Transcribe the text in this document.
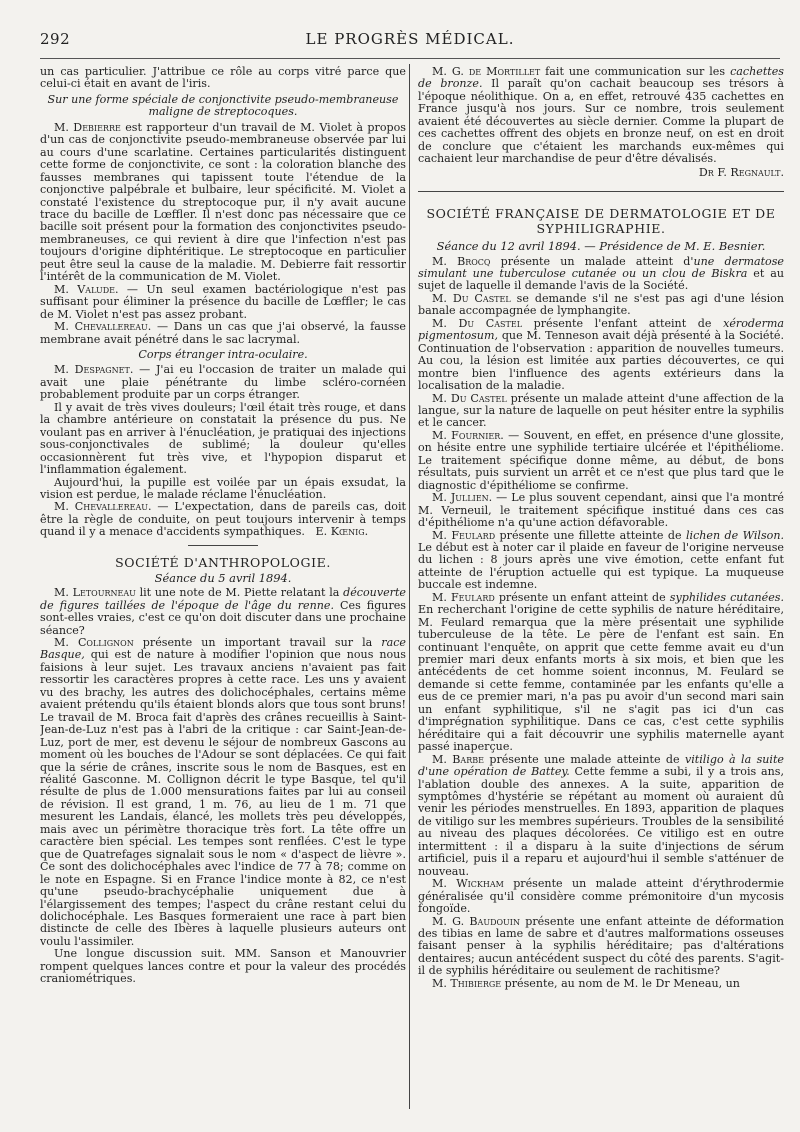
292	LE PROGRÈS MÉDICAL.

un cas particulier. J'attribue ce rôle au corps vitré parce que celui-ci était en avant de l'iris.

Sur une forme spéciale de conjonctivite pseudo-membraneuse maligne de streptocoques.

M. Debierre est rapporteur d'un travail de M. Violet à propos d'un cas de conjonctivite pseudo-membraneuse observée par lui au cours d'une scarlatine. Certaines particularités distinguent cette forme de conjonctivite, ce sont : la coloration blanche des fausses membranes qui tapissent toute l'étendue de la conjonctive palpébrale et bulbaire, leur spécificité. M. Violet a constaté l'existence du streptocoque pur, il n'y avait aucune trace du bacille de Lœffler. Il n'est donc pas nécessaire que ce bacille soit présent pour la formation des conjonctivites pseudo-membraneuses, ce qui revient à dire que l'infection n'est pas toujours d'origine diphtéritique. Le streptocoque en particulier peut être seul la cause de la maladie. M. Debierre fait ressortir l'intérêt de la communication de M. Violet.

M. Valude. — Un seul examen bactériologique n'est pas suffisant pour éliminer la présence du bacille de Lœffler; le cas de M. Violet n'est pas assez probant.

M. Chevallereau. — Dans un cas que j'ai observé, la fausse membrane avait pénétré dans le sac lacrymal.

Corps étranger intra-oculaire.

M. Despagnet. — J'ai eu l'occasion de traiter un malade qui avait une plaie pénétrante du limbe scléro-cornéen probablement produite par un corps étranger.

Il y avait de très vives douleurs; l'œil était très rouge, et dans la chambre antérieure on constatait la présence du pus. Ne voulant pas en arriver à l'énucléation, je pratiquai des injections sous-conjonctivales de sublimé; la douleur qu'elles occasionnèrent fut très vive, et l'hypopion disparut et l'inflammation également.

Aujourd'hui, la pupille est voilée par un épais exsudat, la vision est perdue, le malade réclame l'énucléation.

M. Chevallereau. — L'expectation, dans de pareils cas, doit être la règle de conduite, on peut toujours intervenir à temps quand il y a menace d'accidents sympathiques. E. Kœnig.

SOCIÉTÉ D'ANTHROPOLOGIE.

Séance du 5 avril 1894.

M. Letourneau lit une note de M. Piette relatant la découverte de figures taillées de l'époque de l'âge du renne. Ces figures sont-elles vraies, c'est ce qu'on doit discuter dans une prochaine séance?

M. Collignon présente un important travail sur la race Basque, qui est de nature à modifier l'opinion que nous nous faisions à leur sujet. Les travaux anciens n'avaient pas fait ressortir les caractères propres à cette race. Les uns y avaient vu des brachy, les autres des dolichocéphales, certains même avaient prétendu qu'ils étaient blonds alors que tous sont bruns! Le travail de M. Broca fait d'après des crânes recueillis à Saint-Jean-de-Luz n'est pas à l'abri de la critique : car Saint-Jean-de-Luz, port de mer, est devenu le séjour de nombreux Gascons au moment où les bouches de l'Adour se sont déplacées. Ce qui fait que la série de crânes, inscrite sous le nom de Basques, est en réalité Gasconne. M. Collignon décrit le type Basque, tel qu'il résulte de plus de 1.000 mensurations faites par lui au conseil de révision. Il est grand, 1 m. 76, au lieu de 1 m. 71 que mesurent les Landais, élancé, les mollets très peu développés, mais avec un périmètre thoracique très fort. La tête offre un caractère bien spécial. Les tempes sont renflées. C'est le type que de Quatrefages signalait sous le nom « d'aspect de lièvre ». Ce sont des dolichocéphales avec l'indice de 77 à 78; comme on le note en Espagne. Si en France l'indice monte à 82, ce n'est qu'une pseudo-brachycéphalie uniquement due à l'élargissement des tempes; l'aspect du crâne restant celui du dolichocéphale. Les Basques formeraient une race à part bien distincte de celle des Ibères à laquelle plusieurs auteurs ont voulu l'assimiler.

Une longue discussion suit. MM. Sanson et Manouvrier rompent quelques lances contre et pour la valeur des procédés craniométriques.

M. G. de Mortillet fait une communication sur les cachettes de bronze. Il paraît qu'on cachait beaucoup ses trésors à l'époque néolithique. On a, en effet, retrouvé 435 cachettes en France jusqu'à nos jours. Sur ce nombre, trois seulement avaient été découvertes au siècle dernier. Comme la plupart de ces cachettes offrent des objets en bronze neuf, on est en droit de conclure que c'étaient les marchands eux-mêmes qui cachaient leur marchandise de peur d'être dévalisés.

Dr F. Regnault.

SOCIÉTÉ FRANÇAISE DE DERMATOLOGIE ET DE SYPHILIGRAPHIE.

Séance du 12 avril 1894. — Présidence de M. E. Besnier.

M. Brocq présente un malade atteint d'une dermatose simulant une tuberculose cutanée ou un clou de Biskra et au sujet de laquelle il demande l'avis de la Société.

M. Du Castel se demande s'il ne s'est pas agi d'une lésion banale accompagnée de lymphangite.

M. Du Castel présente l'enfant atteint de xéroderma pigmentosum, que M. Tenneson avait déjà présenté à la Société. Continuation de l'observation : apparition de nouvelles tumeurs. Au cou, la lésion est limitée aux parties découvertes, ce qui montre bien l'influence des agents extérieurs dans la localisation de la maladie.

M. Du Castel présente un malade atteint d'une affection de la langue, sur la nature de laquelle on peut hésiter entre la syphilis et le cancer.

M. Fournier. — Souvent, en effet, en présence d'une glossite, on hésite entre une syphilide tertiaire ulcérée et l'épithéliome. Le traitement spécifique donne même, au début, de bons résultats, puis survient un arrêt et ce n'est que plus tard que le diagnostic d'épithéliome se confirme.

M. Jullien. — Le plus souvent cependant, ainsi que l'a montré M. Verneuil, le traitement spécifique institué dans ces cas d'épithéliome n'a qu'une action défavorable.

M. Feulard présente une fillette atteinte de lichen de Wilson. Le début est à noter car il plaide en faveur de l'origine nerveuse du lichen : 8 jours après une vive émotion, cette enfant fut atteinte de l'éruption actuelle qui est typique. La muqueuse buccale est indemne.

M. Feulard présente un enfant atteint de syphilides cutanées. En recherchant l'origine de cette syphilis de nature héréditaire, M. Feulard remarqua que la mère présentait une syphilide tuberculeuse de la tête. Le père de l'enfant est sain. En continuant l'enquête, on apprit que cette femme avait eu d'un premier mari deux enfants morts à six mois, et bien que les antécédents de cet homme soient inconnus, M. Feulard se demande si cette femme, contaminée par les enfants qu'elle a eus de ce premier mari, n'a pas pu avoir d'un second mari sain un enfant syphilitique, s'il ne s'agit pas ici d'un cas d'imprégnation syphilitique. Dans ce cas, c'est cette syphilis héréditaire qui a fait découvrir une syphilis maternelle ayant passé inaperçue.

M. Barbe présente une malade atteinte de vitiligo à la suite d'une opération de Battey. Cette femme a subi, il y a trois ans, l'ablation double des annexes. A la suite, apparition de symptômes d'hystérie se répétant au moment où auraient dû venir les périodes menstruelles. En 1893, apparition de plaques de vitiligo sur les membres supérieurs. Troubles de la sensibilité au niveau des plaques décolorées. Ce vitiligo est en outre intermittent : il a disparu à la suite d'injections de sérum artificiel, puis il a reparu et aujourd'hui il semble s'atténuer de nouveau.

M. Wickham présente un malade atteint d'érythrodermie généralisée qu'il considère comme prémonitoire d'un mycosis fongoïde.

M. G. Baudouin présente une enfant atteinte de déformation des tibias en lame de sabre et d'autres malformations osseuses faisant penser à la syphilis héréditaire; pas d'altérations dentaires; aucun antécédent suspect du côté des parents. S'agit-il de syphilis héréditaire ou seulement de rachitisme?

M. Thibierge présente, au nom de M. le Dr Meneau, un
